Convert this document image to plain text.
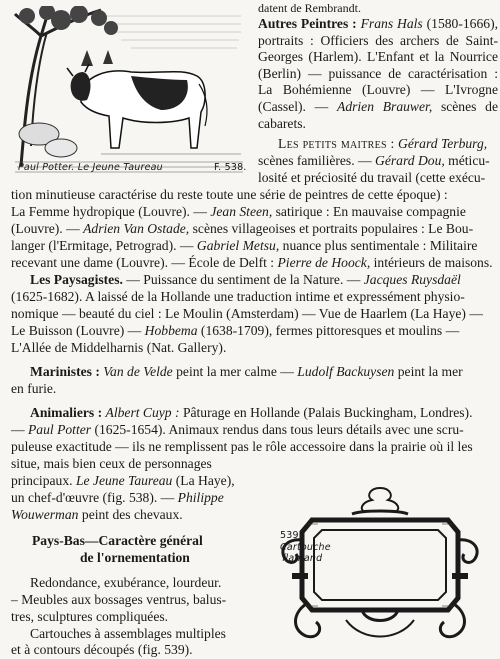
datent de Rembrandt.
Paul Potter. Le Jeune Taureau	F. 538.
Autres Peintres : Frans Hals (1580-1666), portraits : Officiers des archers de Saint-Georges (Harlem). L'Enfant et la Nourrice (Berlin) — puissance de caractérisation : La Bohémienne (Louvre) — L'Ivrogne (Cassel). — Adrien Brauwer, scènes de cabarets.
Les petits maitres : Gérard Terburg,
scènes familières. — Gérard Dou, méticu-
losité et préciosité du travail (cette exécu-
tion minutieuse caractérise du reste toute une série de peintres de cette époque) :
La Femme hydropique (Louvre). — Jean Steen, satirique : En mauvaise compagnie
(Louvre). — Adrien Van Ostade, scènes villageoises et portraits populaires : Le Bou-
langer (l'Ermitage, Petrograd). — Gabriel Metsu, nuance plus sentimentale : Militaire
recevant une dame (Louvre). — École de Delft : Pierre de Hoock, intérieurs de maisons.
Les Paysagistes. — Puissance du sentiment de la Nature. — Jacques Ruysdaël
(1625-1682). A laissé de la Hollande une traduction intime et expressément physio-
nomique — beauté du ciel : Le Moulin (Amsterdam) — Vue de Haarlem (La Haye) —
Le Buisson (Louvre) — Hobbema (1638-1709), fermes pittoresques et moulins —
L'Allée de Middelharnis (Nat. Gallery).
Marinistes : Van de Velde peint la mer calme — Ludolf Backuysen peint la mer
en furie.
Animaliers : Albert Cuyp : Pâturage en Hollande (Palais Buckingham, Londres).
— Paul Potter (1625-1654). Animaux rendus dans tous leurs détails avec une scru-
puleuse exactitude — ils ne remplissent pas le rôle accessoire dans la prairie où il les
situe, mais bien ceux de personnages
principaux. Le Jeune Taureau (La Haye),
un chef-d'œuvre (fig. 538). — Philippe
Wouwerman peint des chevaux.
Pays-Bas—Caractère général
de l'ornementation
Redondance, exubérance, lourdeur.
– Meubles aux bossages ventrus, balus-
tres, sculptures compliquées.
Cartouches à assemblages multiples
et à contours découpés (fig. 539).
539
Cartouche
flamand
